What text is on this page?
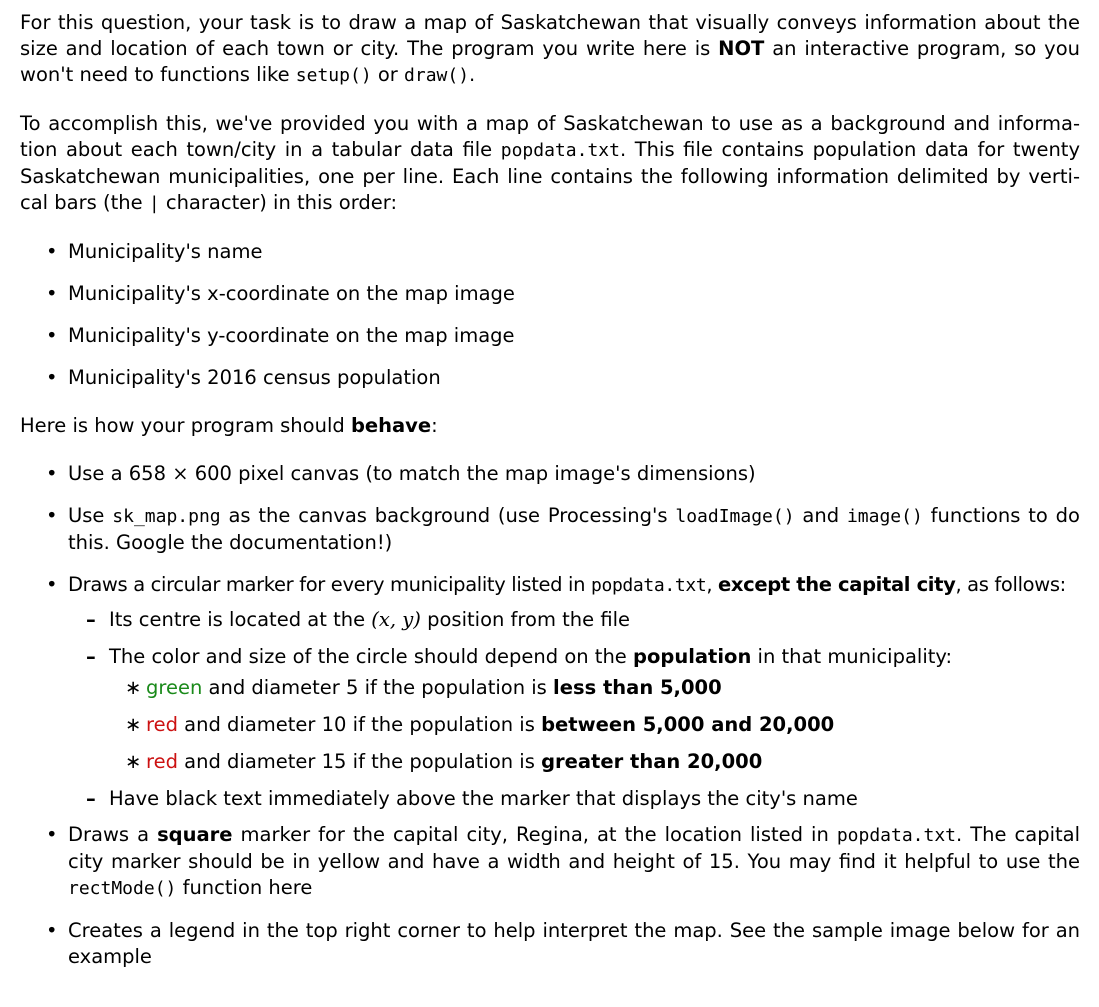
For this question, your task is to draw a map of Saskatchewan that visually conveys information about the size and location of each town or city. The program you write here is NOT an interactive program, so you won't need to functions like setup() or draw().

To accomplish this, we've provided you with a map of Saskatchewan to use as a background and informa-tion about each town/city in a tabular data file popdata.txt. This file contains population data for twenty Saskatchewan municipalities, one per line. Each line contains the following information delimited by verti-cal bars (the | character) in this order:

• Municipality's name
• Municipality's x-coordinate on the map image
• Municipality's y-coordinate on the map image
• Municipality's 2016 census population

Here is how your program should behave:

• Use a 658 × 600 pixel canvas (to match the map image's dimensions)

• Use sk_map.png as the canvas background (use Processing's loadImage() and image() functions to do this. Google the documentation!)

• Draws a circular marker for every municipality listed in popdata.txt, except the capital city, as follows:

– Its centre is located at the (x, y) position from the file
– The color and size of the circle should depend on the population in that municipality:
∗ green and diameter 5 if the population is less than 5,000
∗ red and diameter 10 if the population is between 5,000 and 20,000
∗ red and diameter 15 if the population is greater than 20,000
– Have black text immediately above the marker that displays the city's name

• Draws a square marker for the capital city, Regina, at the location listed in popdata.txt. The capital city marker should be in yellow and have a width and height of 15. You may find it helpful to use the rectMode() function here

• Creates a legend in the top right corner to help interpret the map. See the sample image below for an example
